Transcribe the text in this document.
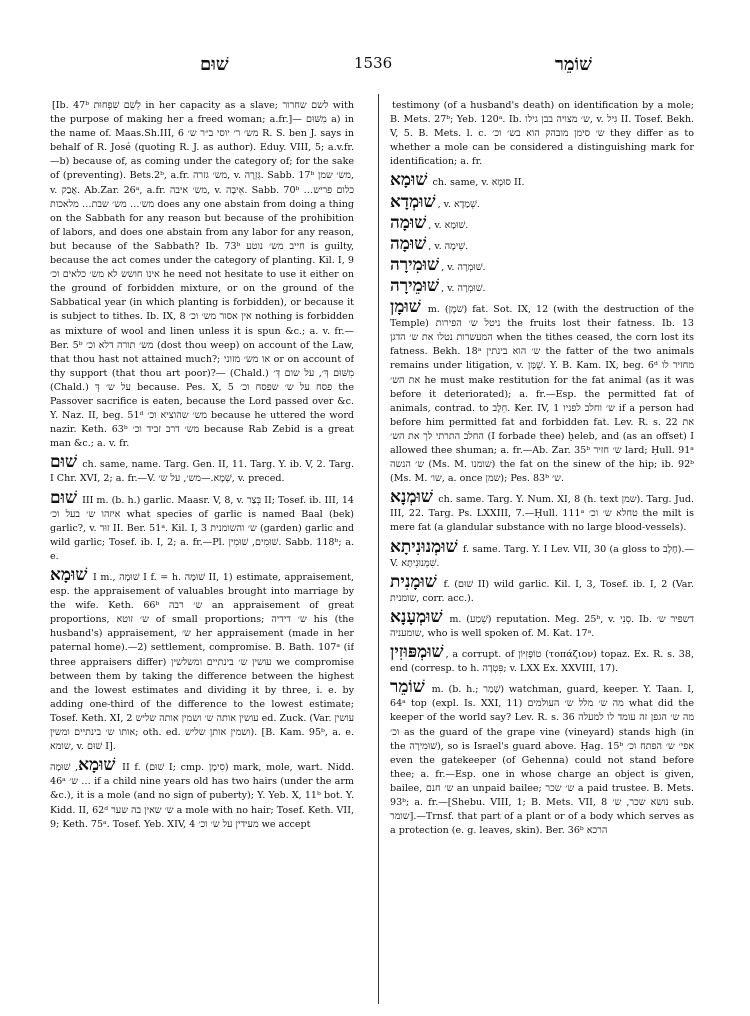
שׁוּם	1536	שׁוֹמֵר

[Ib. 47ᵇ לְשֵׁם שִׁפְחוּת in her capacity as a slave; לשם שחרור with the purpose of making her a freed woman; a.fr.]— מִשּׁוּם a) in the name of. Maas.Sh.III, 6 מש׳ ר׳ יוסי ב״ר ש׳ R. S. ben J. says in behalf of R. José (quoting R. J. as author). Eduy. VIII, 5; a.v.fr.—b) because of, as coming under the category of; for the sake of (preventing). Bets.2ᵇ, a.fr. מש׳ גזרה, v. גְּזֵרָה. Sabb. 17ᵇ מש׳ שמן, v. אֲבַק. Ab.Zar. 26ᵃ, a.fr. מש׳ איבה, v. אֵיבָה. Sabb. 70ᵇ כלום פריש… מש׳… מש׳ שבת… מלאכות does any one abstain from doing a thing on the Sabbath for any reason but because of the prohibition of labors, and does one abstain from any labor for any reason, but because of the Sabbath? Ib. 73ᵇ חייב מש׳ נוטע is guilty, because the act comes under the category of planting. Kil. I, 9 אינו חושש לא מש׳ כלאים וכ׳ he need not hesitate to use it either on the ground of forbidden mixture, or on the ground of the Sabbatical year (in which planting is forbidden), or because it is subject to tithes. Ib. IX, 8 אין אסור מש׳ וכ׳ nothing is forbidden as mixture of wool and linen unless it is spun &c.; a. v. fr.— Ber. 5ᵇ מש׳ תורה דלא וכ׳ (dost thou weep) on account of the Law, that thou hast not attained much?; או מש׳ מזוני or on account of thy support (that thou art poor)?— (Chald.) מִשּׁוּם דְּ׳, על שום דְּ׳ (Chald.) על ש׳ דְּ because. Pes. X, 5 פסח על ש׳ שפסח וכ׳ the Passover sacrifice is eaten, because the Lord passed over &c. Y. Naz. II, beg. 51ᵈ מש׳ שהוציא וכ׳ because he uttered the word nazir. Keth. 63ᵇ מש׳ דרב זביד וכ׳ because Rab Zebid is a great man &c.; a. v. fr.

שׁוּם ch. same, name. Targ. Gen. II, 11. Targ. Y. ib. V, 2. Targ. I Chr. XVI, 2; a. fr.—V. שְׁמָא.—מש׳, על ש׳, v. preced.

שׁוּם III m. (b. h.) garlic. Maasr. V, 8, v. בְּצַר II; Tosef. ib. III, 14 איזהו ש׳ בעל וכ׳ what species of garlic is named Baal (bek) garlic?, v. זוּר II. Ber. 51ᵃ. Kil. I, 3 ש׳ והשומנית (garden) garlic and wild garlic; Tosef. ib. I, 2; a. fr.—Pl. שׁוּמִים, שׁוּמִין. Sabb. 118ᵇ; a. e.

שׁוּמָא I m., שׁוּמָה I f. = h. שׁוּמָה II, 1) estimate, appraisement, esp. the appraisement of valuables brought into marriage by the wife. Keth. 66ᵇ ש׳ רבה an appraisement of great proportions, ש׳ זוטא of small proportions; ש׳ דידיה his (the husband's) appraisement, ש׳ her appraisement (made in her paternal home).—2) settlement, compromise. B. Bath. 107ᵃ (if three appraisers differ) עושין ש׳ בינתיים ומשלשין we compromise between them by taking the difference between the highest and the lowest estimates and dividing it by three, i. e. by adding one-third of the difference to the lowest estimate; Tosef. Keth. XI, 2 עושין אותה ש׳ ושמין אותה שליש ed. Zuck. (Var. עושין אותו ש׳ בינתיים ומשין; oth. ed. ושמין אותן שליש). [B. Kam. 95ᵇ, a. e. שומא, v. שׁוּם I].

שׁוּמָא, שׁוּמָה II f. (שׁוּם I; cmp. סִימָן) mark, mole, wart. Nidd. 46ᵃ ש׳ … if a child nine years old has two hairs (under the arm &c.), it is a mole (and no sign of puberty); Y. Yeb. X, 11ᵇ bot. Y. Kidd. II, 62ᵈ ש׳ שאין בה שער a mole with no hair; Tosef. Keth. VII, 9; Keth. 75ᵃ. Tosef. Yeb. XIV, 4 מעידין על ש׳ וכ׳ we accept

testimony (of a husband's death) on identification by a mole; B. Mets. 27ᵇ; Yeb. 120ᵃ. Ib. ש׳ מצויה בבן גילו, v. גִּיל II. Tosef. Bekh. V, 5. B. Mets. l. c. ש׳ סימן מובהק הוא בש׳ וכ׳ they differ as to whether a mole can be considered a distinguishing mark for identification; a. fr.

שׁוּמָא ch. same, v. סוּמָא II.

שׁוּמְדָא , v. שְׁמַדָא.

שׁוּמָה , v. שׁוּמָא.

שׁוּמָה , v. שֵׁימָה.

שׁוּמִירָה , v. שׁוּמְרָה.

שׁוּמֵירָה , v. שׁוּמְרָה.

שׁוּמָן m. (שֹׁמֶן) fat. Sot. IX, 12 (with the destruction of the Temple) ניטל ש׳ הפירות the fruits lost their fatness. Ib. 13 המעשרות נטלו את ש׳ הדגן when the tithes ceased, the corn lost its fatness. Bekh. 18ᵃ ש׳ הוא בינתין the fatter of the two animals remains under litigation, v. שֻׁמָּן. Y. B. Kam. IX, beg. 6ᵈ מחזיר לו את הש׳ he must make restitution for the fat animal (as it was before it deteriorated); a. fr.—Esp. the permitted fat of animals, contrad. to חֵלֶב. Ker. IV, 1 ש׳ וחלב לפניו if a person had before him permitted fat and forbidden fat. Lev. R. s. 22 את החלב התרתי לך את הש׳ (I forbade thee) ḥeleb, and (as an offset) I allowed thee shuman; a. fr.—Ab. Zar. 35ᵇ ש׳ חזיר lard; Ḥull. 91ᵃ ש׳ הנשה (Ms. M. שומנו) the fat on the sinew of the hip; ib. 92ᵇ (Ms. M. שו׳, a. once שמן); Pes. 83ᵇ ש׳.

שׁוּמְנָא ch. same. Targ. Y. Num. XI, 8 (h. text שמן). Targ. Jud. III, 22. Targ. Ps. LXXIII, 7.—Ḥull. 111ᵃ טחלא ש׳ וכ׳ the milt is mere fat (a glandular substance with no large blood-vessels).

שׁוּמְנוּנִיתָא f. same. Targ. Y. I Lev. VII, 30 (a gloss to חֶלֶב).—V. שִׁמְנוּנִיתָא.

שׁוּמָנִית f. (שׁוּם II) wild garlic. Kil. I, 3, Tosef. ib. I, 2 (Var. שומנית, corr. acc.).

שׁוּמְעָנָא m. (שֵׁמַע) reputation. Meg. 25ᵇ, v. סְנִי. Ib. דשפיר ש׳ שומעניה, who is well spoken of. M. Kat. 17ᵃ.

שׁוּמְפּוּזִין , a corrupt. of טוֹפָּזִיּוֹן (τοπάζιον) topaz. Ex. R. s. 38, end (corresp. to h. פִּטְדָה; v. LXX Ex. XXVIII, 17).

שׁוֹמֵר m. (b. h.; שָׁמַר) watchman, guard, keeper. Y. Taan. I, 64ᵃ top (expl. Is. XXI, 11) מה ש׳ מלל ש׳ העולמים what did the keeper of the world say? Lev. R. s. 36 מה ש׳ הגפן זה עומד לו למעלה וכ׳ as the guard of the grape vine (vineyard) stands high (in the שׁוּמִירָה), so is Israel's guard above. Ḥag. 15ᵇ אפי׳ ש׳ הפתח וכ׳ even the gatekeeper (of Gehenna) could not stand before thee; a. fr.—Esp. one in whose charge an object is given, bailee, ש׳ חנם an unpaid bailee; ש׳ שכר a paid trustee. B. Mets. 93ᵇ; a. fr.—[Shebu. VIII, 1; B. Mets. VII, 8 נושא שכר, ש׳ sub. שומר].—Trnsf. that part of a plant or of a body which serves as a protection (e. g. leaves, skin). Ber. 36ᵇ הרכא
